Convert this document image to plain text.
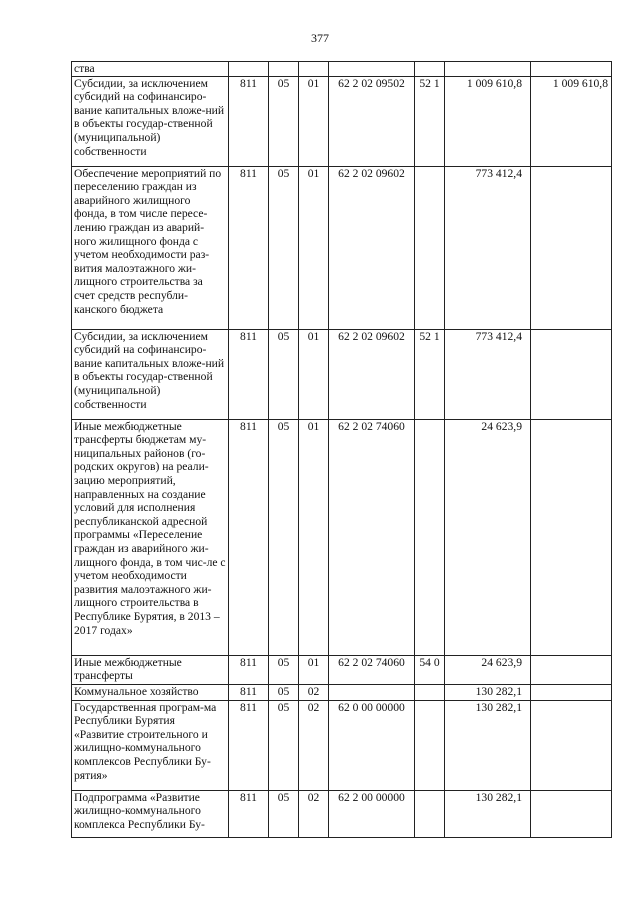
377
ства							
Субсидии, за исключением субсидий на софинансиро-вание капитальных вложе-ний в объекты государ-ственной (муниципальной) собственности	811	05	01	62 2 02 09502	52 1	1 009 610,8	1 009 610,8
Обеспечение мероприятий по переселению граждан из аварийного жилищного фонда, в том числе пересе-лению граждан из аварий-ного жилищного фонда с учетом необходимости раз-вития малоэтажного жи-лищного строительства за счет средств республи-канского бюджета	811	05	01	62 2 02 09602		773 412,4	
Субсидии, за исключением субсидий на софинансиро-вание капитальных вложе-ний в объекты государ-ственной (муниципальной) собственности	811	05	01	62 2 02 09602	52 1	773 412,4	
Иные межбюджетные трансферты бюджетам му-ниципальных районов (го-родских округов) на реали-зацию мероприятий, направленных на создание условий для исполнения республиканской адресной программы «Переселение граждан из аварийного жи-лищного фонда, в том чис-ле с учетом необходимости развития малоэтажного жи-лищного строительства в Республике Бурятия, в 2013 – 2017 годах»	811	05	01	62 2 02 74060		24 623,9	
Иные межбюджетные трансферты	811	05	01	62 2 02 74060	54 0	24 623,9	
Коммунальное хозяйство	811	05	02			130 282,1	
Государственная програм-ма Республики Бурятия «Развитие строительного и жилищно-коммунального комплексов Республики Бу-рятия»	811	05	02	62 0 00 00000		130 282,1	
Подпрограмма «Развитие жилищно-коммунального комплекса Республики Бу-	811	05	02	62 2 00 00000		130 282,1	
